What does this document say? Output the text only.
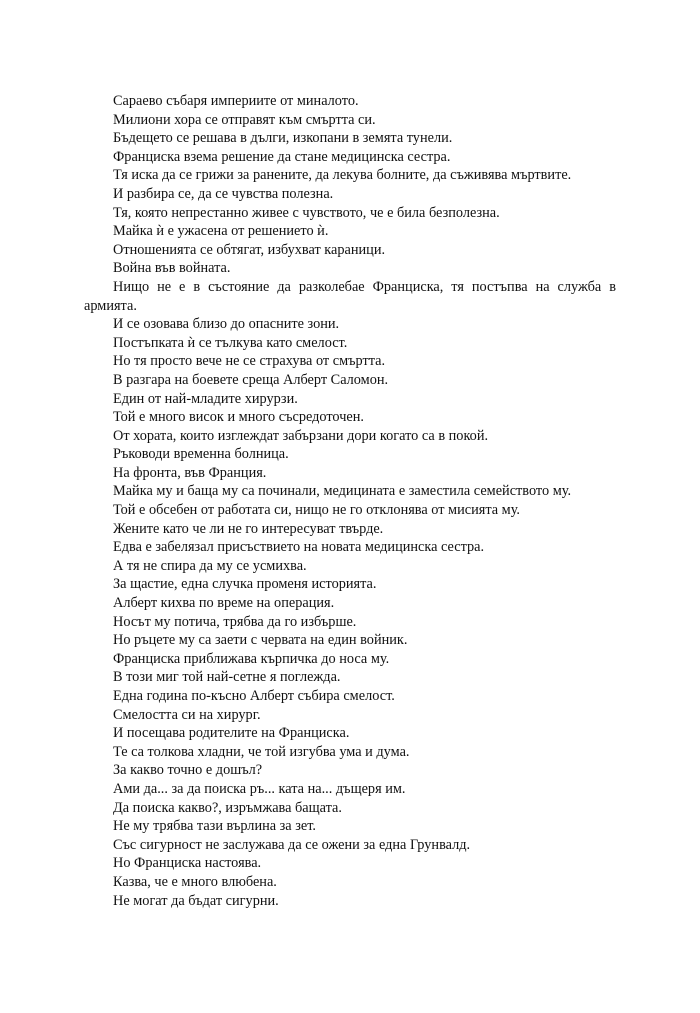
Сараево събаря империите от миналото.

Милиони хора се отправят към смъртта си.

Бъдещето се решава в дълги, изкопани в земята тунели.

Франциска взема решение да стане медицинска сестра.

Тя иска да се грижи за ранените, да лекува болните, да съживява мъртвите.

И разбира се, да се чувства полезна.

Тя, която непрестанно живее с чувството, че е била безполезна.

Майка ѝ е ужасена от решението ѝ.

Отношенията се обтягат, избухват караници.

Война във войната.

Нищо не е в състояние да разколебае Франциска, тя постъпва на служба в армията.

И се озовава близо до опасните зони.

Постъпката ѝ се тълкува като смелост.

Но тя просто вече не се страхува от смъртта.

В разгара на боевете среща Алберт Саломон.

Един от най-младите хирурзи.

Той е много висок и много съсредоточен.

От хората, които изглеждат забързани дори когато са в покой.

Ръководи временна болница.

На фронта, във Франция.

Майка му и баща му са починали, медицината е заместила семейството му.

Той е обсебен от работата си, нищо не го отклонява от мисията му.

Жените като че ли не го интересуват твърде.

Едва е забелязал присъствието на новата медицинска сестра.

А тя не спира да му се усмихва.

За щастие, една случка променя историята.

Алберт кихва по време на операция.

Носът му потича, трябва да го избърше.

Но ръцете му са заети с червата на един войник.

Франциска приближава кърпичка до носа му.

В този миг той най-сетне я поглежда.

Една година по-късно Алберт събира смелост.

Смелостта си на хирург.

И посещава родителите на Франциска.

Те са толкова хладни, че той изгубва ума и дума.

За какво точно е дошъл?

Ами да... за да поиска ръ... ката на... дъщеря им.

Да поиска какво?, изръмжава бащата.

Не му трябва тази върлина за зет.

Със сигурност не заслужава да се ожени за една Грунвалд.

Но Франциска настоява.

Казва, че е много влюбена.

Не могат да бъдат сигурни.
